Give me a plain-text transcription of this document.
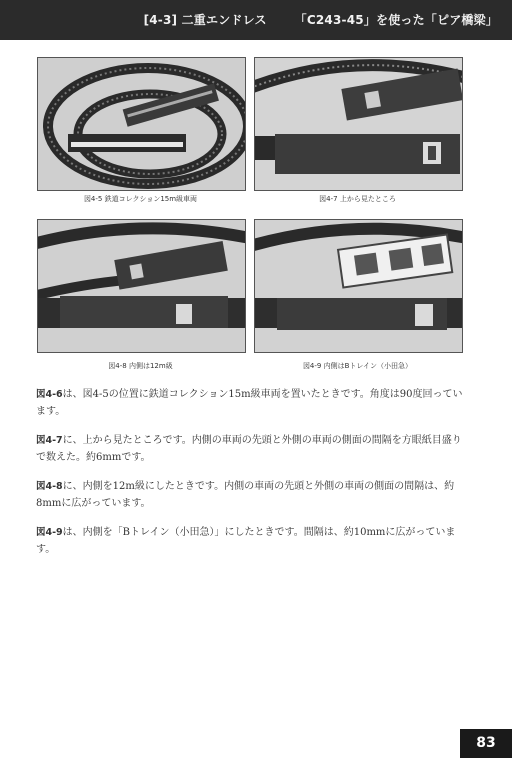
[4-3] 二重エンドレス 「C243-45」を使った「ピア橋梁」
図4-5 鉄道コレクション15m級車両	図4-7 上から見たところ
図4-8 内側は12m級	図4-9 内側はBトレイン（小田急）

図4-6は、図4-5の位置に鉄道コレクション15m級車両を置いたときです。角度は90度回っています。

図4-7に、上から見たところです。内側の車両の先頭と外側の車両の側面の間隔を方眼紙目盛りで数えた。約6mmです。

図4-8に、内側を12m級にしたときです。内側の車両の先頭と外側の車両の側面の間隔は、約8mmに広がっています。

図4-9は、内側を「Bトレイン（小田急）」にしたときです。間隔は、約10mmに広がっています。

83
